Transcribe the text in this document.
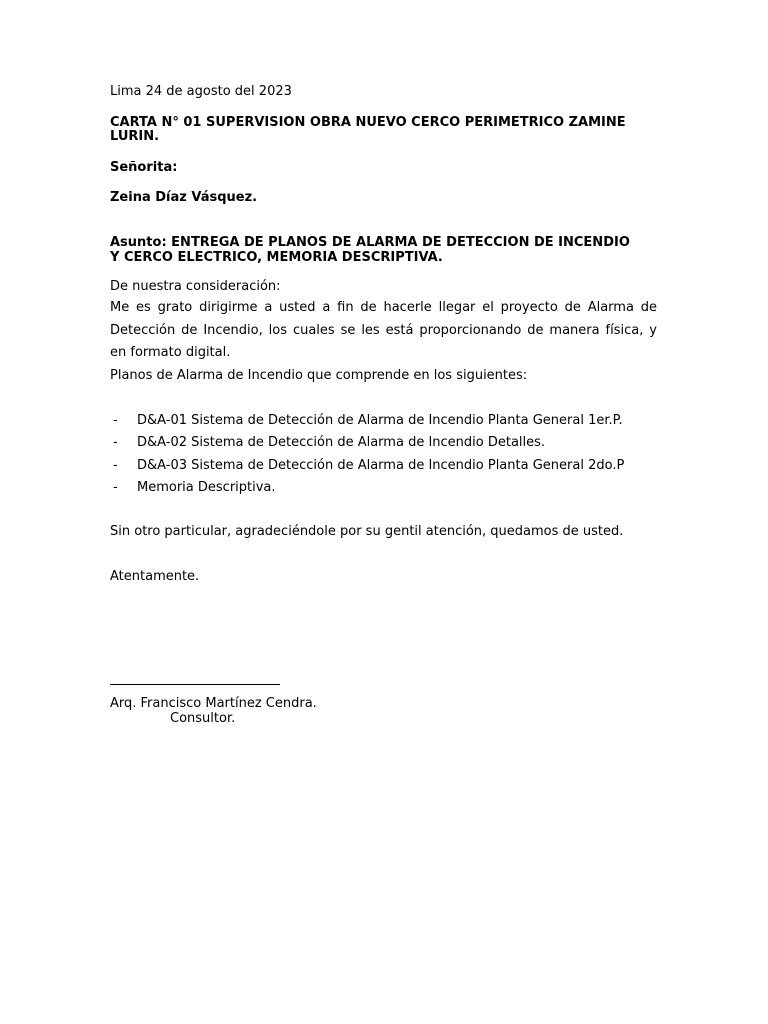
Lima 24 de agosto del 2023
CARTA N° 01 SUPERVISION OBRA NUEVO CERCO PERIMETRICO ZAMINE
LURIN.
Señorita:
Zeina Díaz Vásquez.
Asunto: ENTREGA DE PLANOS DE ALARMA DE DETECCION DE INCENDIO
Y CERCO ELECTRICO, MEMORIA DESCRIPTIVA.
De nuestra consideración:
Me es grato dirigirme a usted a fin de hacerle llegar el proyecto de Alarma de
Detección de Incendio, los cuales se les está proporcionando de manera física, y
en formato digital.
Planos de Alarma de Incendio que comprende en los siguientes:
- D&A-01 Sistema de Detección de Alarma de Incendio Planta General 1er.P.
- D&A-02 Sistema de Detección de Alarma de Incendio Detalles.
- D&A-03 Sistema de Detección de Alarma de Incendio Planta General 2do.P
- Memoria Descriptiva.
Sin otro particular, agradeciéndole por su gentil atención, quedamos de usted.
Atentamente.
Arq. Francisco Martínez Cendra.
Consultor.
